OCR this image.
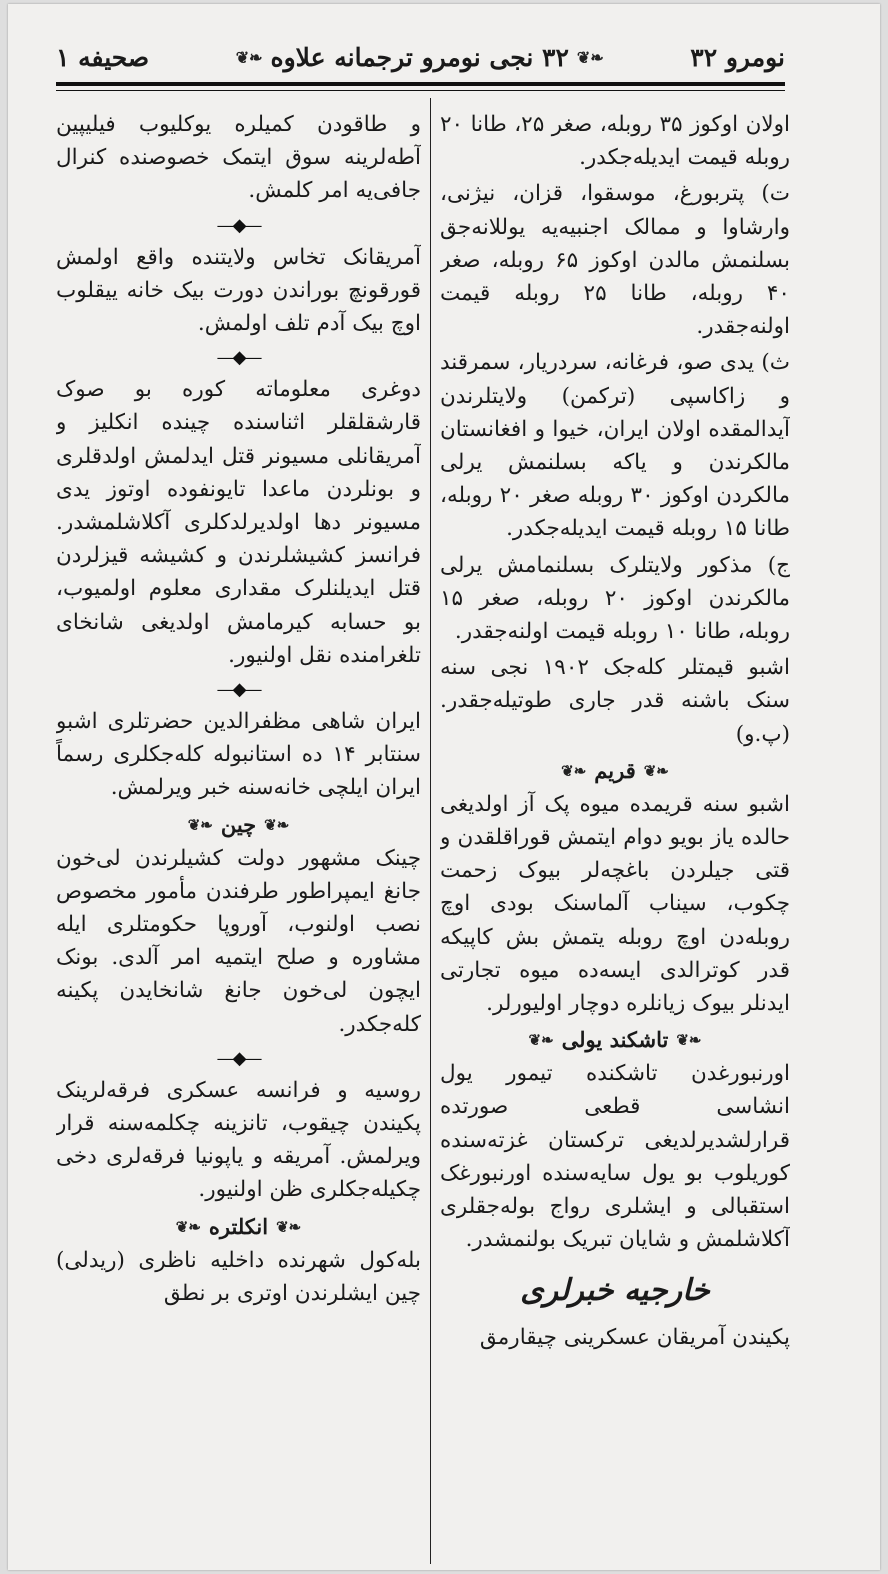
نومرو ۳۲
❦❧
۳۲ نجی نومرو ترجمانه علاوه
❦❧
صحیفه ۱

اولان اوکوز ۳۵ روبله، صغر ۲۵، طانا ۲۰ روبله قیمت ایدیله‌جکدر.

ت) پتربورغ، موسقوا، قزان، نیژنی، وارشاوا و ممالک اجنبیه‌یه یوللانه‌جق بسلنمش مالدن اوکوز ۶۵ روبله، صغر ۴۰ روبله، طانا ۲۵ روبله قیمت اولنه‌جقدر.

ث) یدی صو، فرغانه، سردریار، سمرقند و زاکاسپی (ترکمن) ولایتلرندن آیدالمقده اولان ایران، خیوا و افغانستان مالکرندن و یاکه بسلنمش یرلی مالکردن اوکوز ۳۰ روبله صغر ۲۰ روبله، طانا ۱۵ روبله قیمت ایدیله‌جکدر.

ج) مذکور ولایتلرک بسلنمامش یرلی مالکرندن اوکوز ۲۰ روبله، صغر ۱۵ روبله، طانا ۱۰ روبله قیمت اولنه‌جقدر.

اشبو قیمتلر کله‌جک ۱۹۰۲ نجی سنه سنک باشنه قدر جاری طوتیله‌جقدر. (پ.و)

❦❧
قریم
❦❧

اشبو سنه قریمده میوه پک آز اولدیغی حالده یاز بویو دوام ایتمش قوراقلقدن و قتی جیلردن باغچه‌لر بیوک زحمت چکوب، سیناب آلماسنک بودی اوچ روبله‌دن اوچ روبله یتمش بش کاپیکه قدر کوترالدی ایسه‌ده میوه تجارتی ایدنلر بیوک زیانلره دوچار اولیورلر.

❦❧
تاشکند یولی
❦❧

اورنبورغدن تاشکنده تیمور یول انشاسی قطعی صورتده قرارلشدیرلدیغی ترکستان غزته‌سنده کوریلوب بو یول سایه‌سنده اورنبورغک استقبالی و ایشلری رواج بوله‌جقلری آکلاشلمش و شایان تبریک بولنمشدر.

خارجیه خبرلری

پکیندن آمریقان عسکرینی چیقارمق

و طاقودن کمیلره یوکلیوب فیلیپین آطه‌لرینه سوق ایتمک خصوصنده کنرال جافی‌یه امر کلمش.

—◆—

آمریقانک تخاس ولایتنده واقع اولمش قورقونچ بوراندن دورت بیک خانه ییقلوب اوچ بیک آدم تلف اولمش.

—◆—

دوغری معلوماته کوره بو صوک قارشقلقلر اثناسنده چینده انکلیز و آمریقانلی مسیونر قتل ایدلمش اولدقلری و بونلردن ماعدا تایونفوده اوتوز یدی مسیونر دها اولدیرلدکلری آکلاشلمشدر. فرانسز کشیشلرندن و کشیشه قیزلردن قتل ایدیلنلرک مقداری معلوم اولمیوب، بو حسابه کیرمامش اولدیغی شانخای تلغرامنده نقل اولنیور.

—◆—

ایران شاهی مظفرالدین حضرتلری اشبو سنتابر ۱۴ ده استانبوله کله‌جکلری رسماً ایران ایلچی خانه‌سنه خبر ویرلمش.

❦❧
چین
❦❧

چینک مشهور دولت کشیلرندن لی‌خون جانغ ایمپراطور طرفندن مأمور مخصوص نصب اولنوب، آوروپا حکومتلری ایله مشاوره و صلح ایتمیه امر آلدی. بونک ایچون لی‌خون جانغ شانخایدن پکینه کله‌جکدر.

—◆—

روسیه و فرانسه عسکری فرقه‌لرینک پکیندن چیقوب، تانزینه چکلمه‌سنه قرار ویرلمش. آمریقه و یاپونیا فرقه‌لری دخی چکیله‌جکلری ظن اولنیور.

❦❧
انکلتره
❦❧

بله‌کول شهرنده داخلیه ناظری (ریدلی) چین ایشلرندن اوتری بر نطق
